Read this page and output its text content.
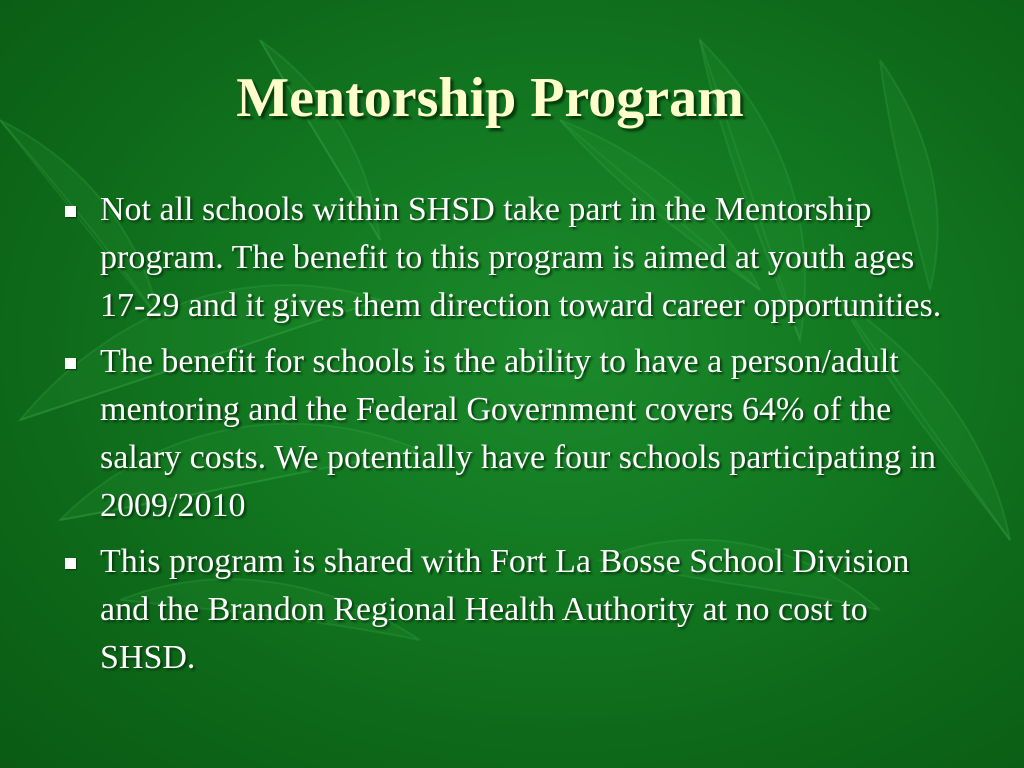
Mentorship Program
Not all schools within SHSD take part in the Mentorship program. The benefit to this program is aimed at youth ages 17-29 and it gives them direction toward career opportunities.
The benefit for schools is the ability to have a person/adult mentoring and the Federal Government covers 64% of the salary costs. We potentially have four schools participating in 2009/2010
This program is shared with Fort La Bosse School Division and the Brandon Regional Health Authority at no cost to SHSD.
